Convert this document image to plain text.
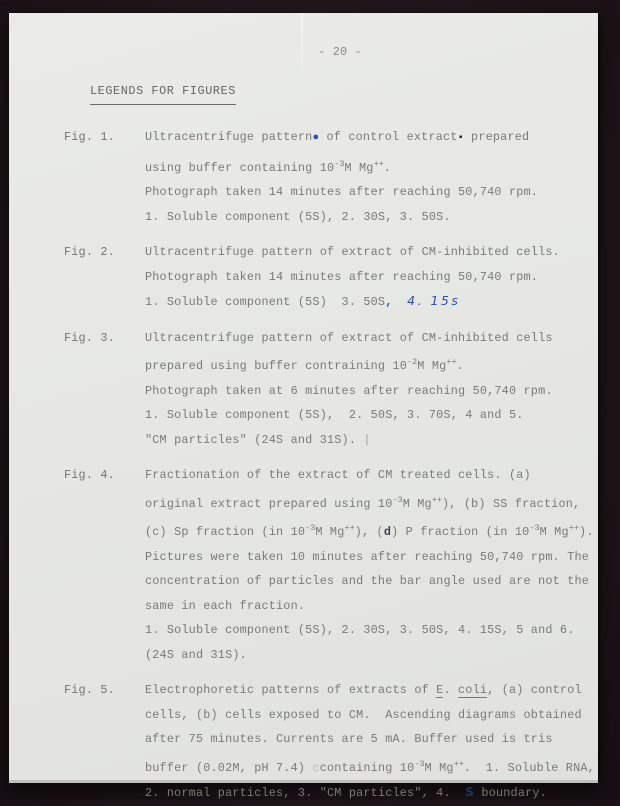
- 20 -
LEGENDS FOR FIGURES
Fig. 1.	Ultracentrifuge pattern● of control extract▪ prepared
using buffer containing $10^{-3}M$ Mg++.
Photograph taken 14 minutes after reaching 50,740 rpm.
1. Soluble component (5S), 2. 30S, 3. 50S.
Fig. 2.	Ultracentrifuge pattern of extract of CM-inhibited cells.
Photograph taken 14 minutes after reaching 50,740 rpm.
1. Soluble component (5S)  3. 50S, 4. 15s
Fig. 3.	Ultracentrifuge pattern of extract of CM-inhibited cells
prepared using buffer contraining $10^{-2}M$ Mg++.
Photograph taken at 6 minutes after reaching 50,740 rpm.
1. Soluble component (5S),  2. 50S, 3. 70S, 4 and 5.
"CM particles" (24S and 31S). |
Fig. 4.	Fractionation of the extract of CM treated cells. (a)
original extract prepared using $10^{-3}M$ Mg++), (b) SS fraction,
(c) Sp fraction (in $10^{-3}M$ Mg++), (d) P fraction (in $10^{-3}M$ Mg++).
Pictures were taken 10 minutes after reaching 50,740 rpm. The
concentration of particles and the bar angle used are not the
same in each fraction.
1. Soluble component (5S), 2. 30S, 3. 50S, 4. 15S, 5 and 6.
(24S and 31S).
Fig. 5.	Electrophoretic patterns of extracts of E. coli, (a) control
cells, (b) cells exposed to CM.  Ascending diagrams obtained
after 75 minutes. Currents are 5 mA. Buffer used is tris
buffer (0.02M, pH 7.4) ccontaining $10^{-3}M$ Mg++.  1. Soluble RNA,
2. normal particles, 3. "CM particles", 4.  S boundary.
